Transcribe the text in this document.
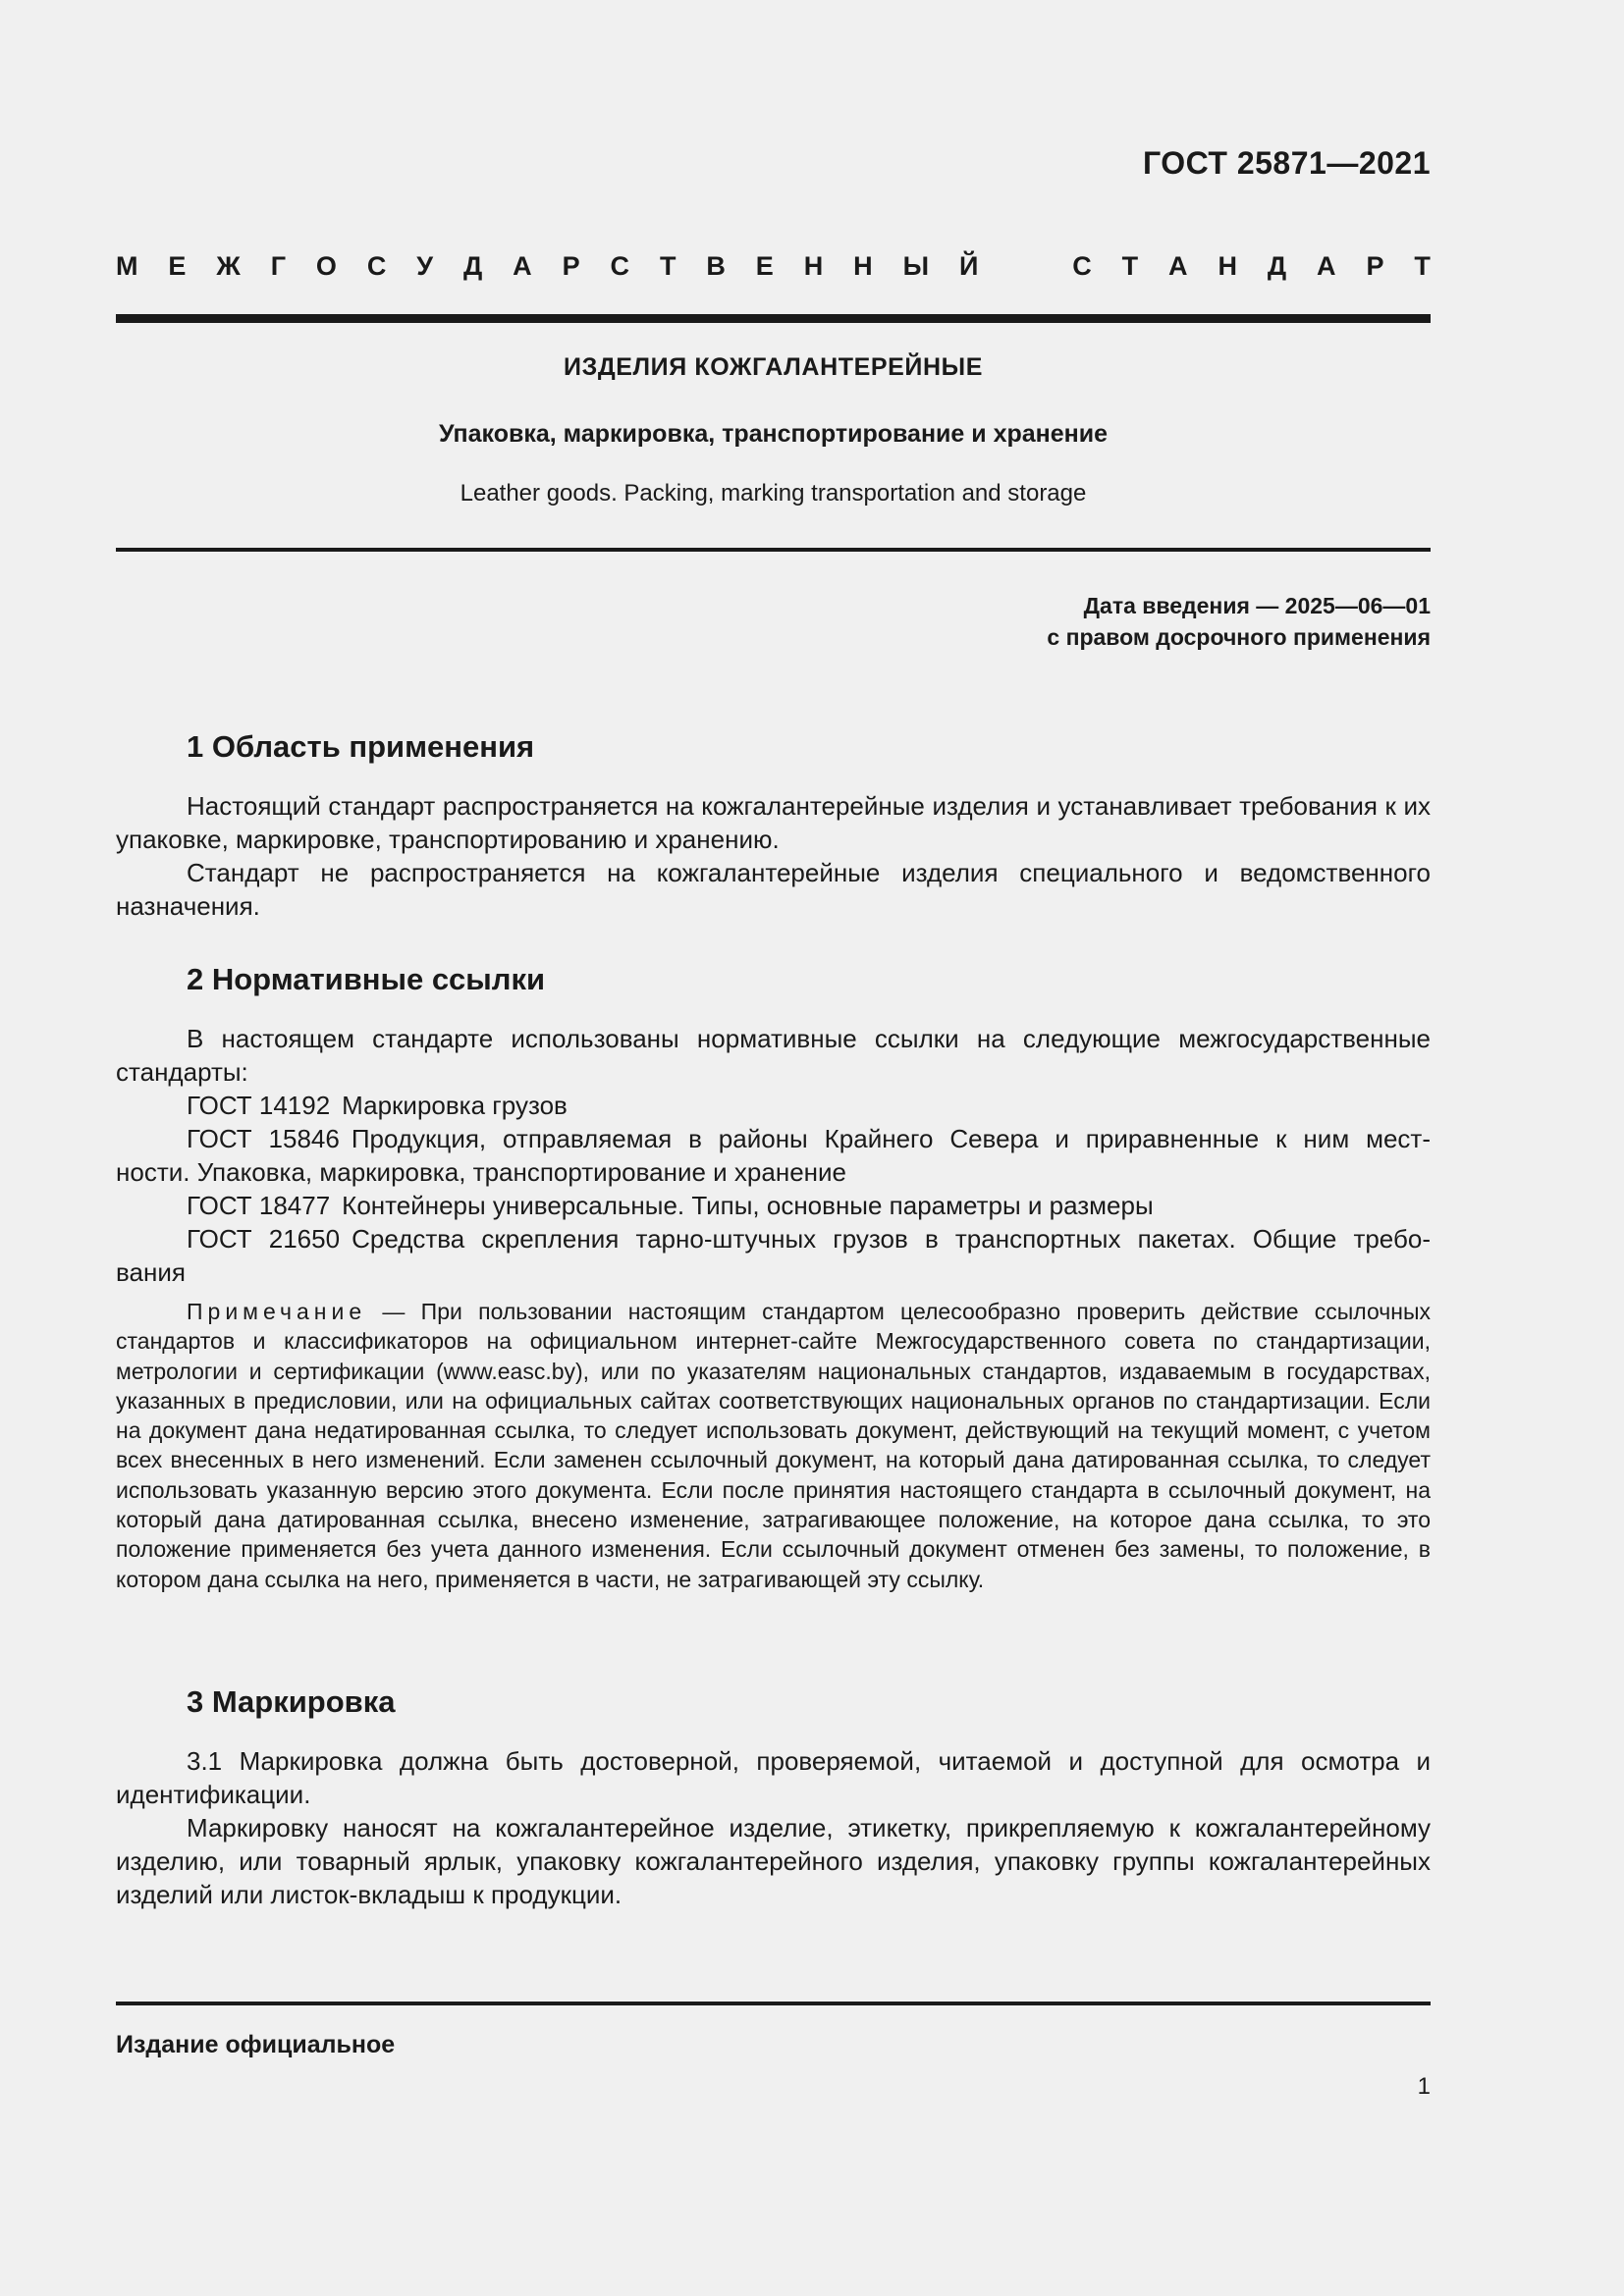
ГОСТ 25871—2021
М Е Ж Г О С У Д А Р С Т В Е Н Н Ы Й	С Т А Н Д А Р Т
ИЗДЕЛИЯ КОЖГАЛАНТЕРЕЙНЫЕ
Упаковка, маркировка, транспортирование и хранение
Leather goods. Packing, marking transportation and storage
Дата введения — 2025—06—01
с правом досрочного применения
1 Область применения

Настоящий стандарт распространяется на кожгалантерейные изделия и устанавливает требования к их упаковке, маркировке, транспортированию и хранению.

Стандарт не распространяется на кожгалантерейные изделия специального и ведомственного назначения.

2 Нормативные ссылки

В настоящем стандарте использованы нормативные ссылки на следующие межгосударственные стандарты:

ГОСТ 14192 Маркировка грузов

ГОСТ 15846 Продукция, отправляемая в районы Крайнего Севера и приравненные к ним мест-

ности. Упаковка, маркировка, транспортирование и хранение

ГОСТ 18477 Контейнеры универсальные. Типы, основные параметры и размеры

ГОСТ 21650 Средства скрепления тарно-штучных грузов в транспортных пакетах. Общие требо-

вания

Примечание — При пользовании настоящим стандартом целесообразно проверить действие ссылочных стандартов и классификаторов на официальном интернет-сайте Межгосударственного совета по стандартизации, метрологии и сертификации (www.easc.by), или по указателям национальных стандартов, издаваемым в государствах, указанных в предисловии, или на официальных сайтах соответствующих национальных органов по стандартизации. Если на документ дана недатированная ссылка, то следует использовать документ, действующий на текущий момент, с учетом всех внесенных в него изменений. Если заменен ссылочный документ, на который дана датированная ссылка, то следует использовать указанную версию этого документа. Если после принятия настоящего стандарта в ссылочный документ, на который дана датированная ссылка, внесено изменение, затрагивающее положение, на которое дана ссылка, то это положение применяется без учета данного изменения. Если ссылочный документ отменен без замены, то положение, в котором дана ссылка на него, применяется в части, не затрагивающей эту ссылку.

3 Маркировка

3.1 Маркировка должна быть достоверной, проверяемой, читаемой и доступной для осмотра и идентификации.

Маркировку наносят на кожгалантерейное изделие, этикетку, прикрепляемую к кожгалантерейному изделию, или товарный ярлык, упаковку кожгалантерейного изделия, упаковку группы кожгалантерейных изделий или листок-вкладыш к продукции.

Издание официальное
1
